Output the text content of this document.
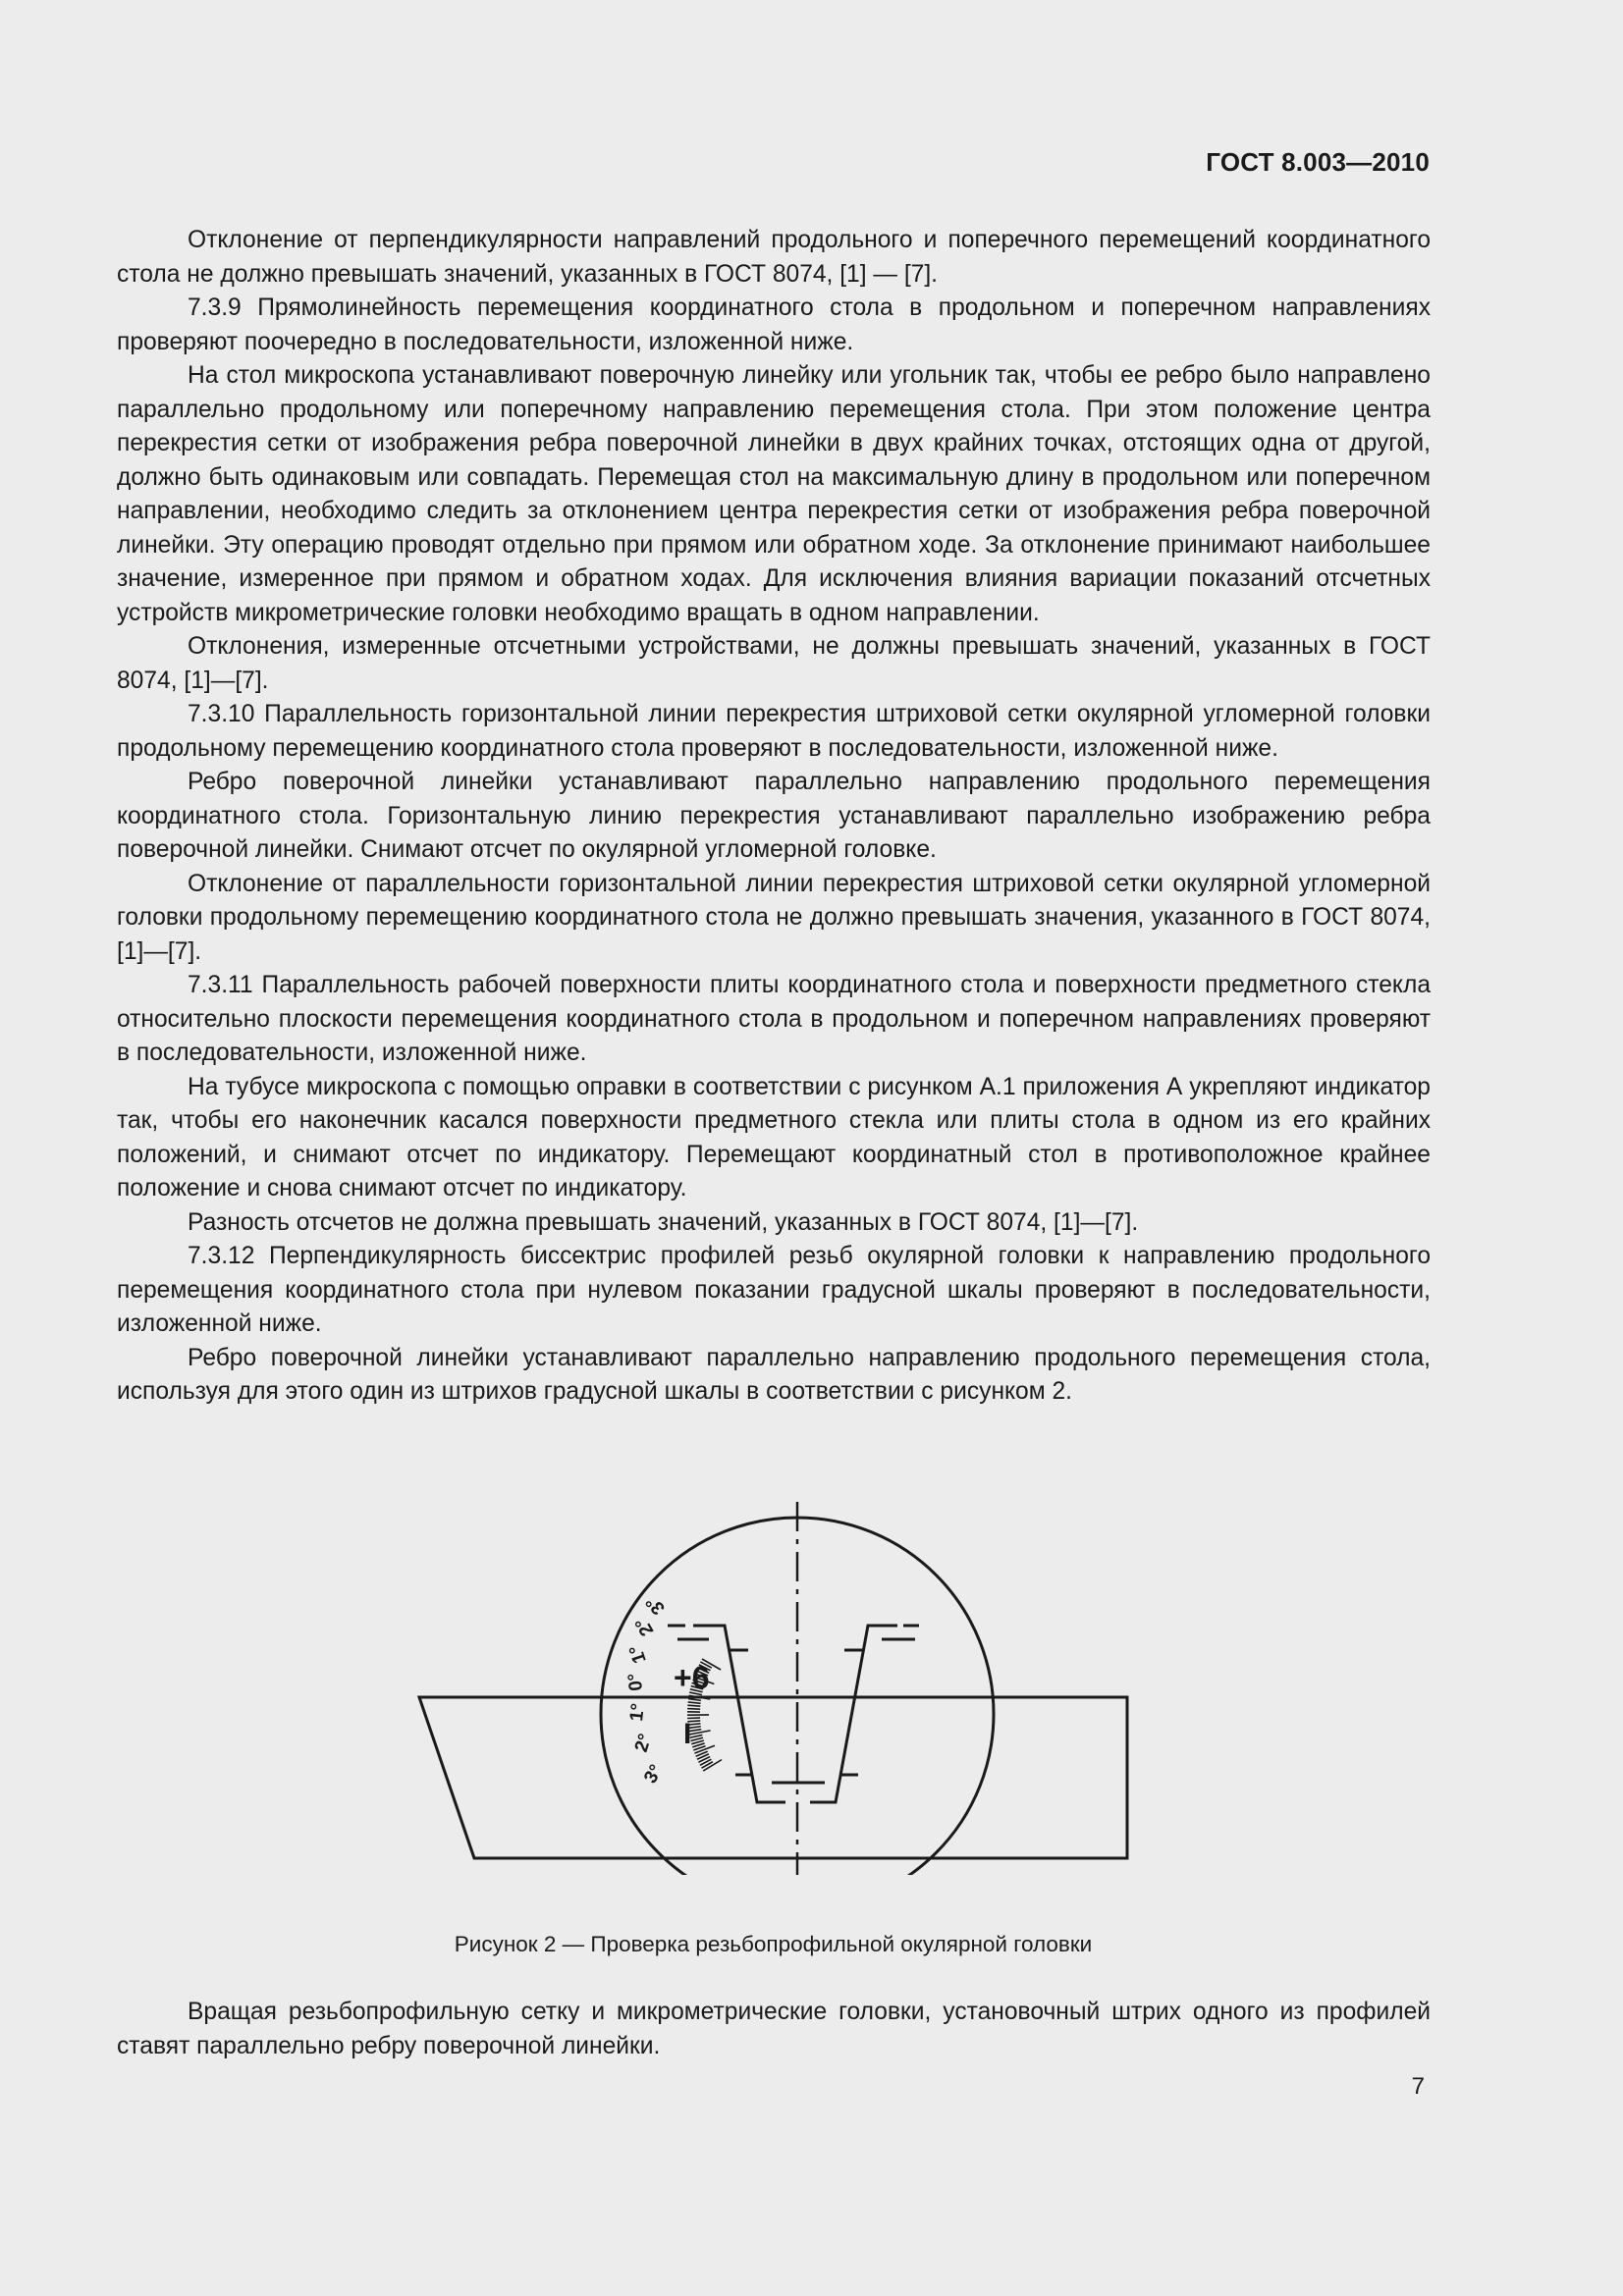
ГОСТ 8.003—2010

Отклонение от перпендикулярности направлений продольного и поперечного перемещений координатного стола не должно превышать значений, указанных в ГОСТ 8074, [1] — [7].

7.3.9 Прямолинейность перемещения координатного стола в продольном и поперечном направлениях проверяют поочередно в последовательности, изложенной ниже.

На стол микроскопа устанавливают поверочную линейку или угольник так, чтобы ее ребро было направлено параллельно продольному или поперечному направлению перемещения стола. При этом положение центра перекрестия сетки от изображения ребра поверочной линейки в двух крайних точках, отстоящих одна от другой, должно быть одинаковым или совпадать. Перемещая стол на максимальную длину в продольном или поперечном направлении, необходимо следить за отклонением центра перекрестия сетки от изображения ребра поверочной линейки. Эту операцию проводят отдельно при прямом или обратном ходе. За отклонение принимают наибольшее значение, измеренное при прямом и обратном ходах. Для исключения влияния вариации показаний отсчетных устройств микрометрические головки необходимо вращать в одном направлении.

Отклонения, измеренные отсчетными устройствами, не должны превышать значений, указанных в ГОСТ 8074, [1]—[7].

7.3.10 Параллельность горизонтальной линии перекрестия штриховой сетки окулярной угломерной головки продольному перемещению координатного стола проверяют в последовательности, изложенной ниже.

Ребро поверочной линейки устанавливают параллельно направлению продольного перемещения координатного стола. Горизонтальную линию перекрестия устанавливают параллельно изображению ребра поверочной линейки. Снимают отсчет по окулярной угломерной головке.

Отклонение от параллельности горизонтальной линии перекрестия штриховой сетки окулярной угломерной головки продольному перемещению координатного стола не должно превышать значения, указанного в ГОСТ 8074, [1]—[7].

7.3.11 Параллельность рабочей поверхности плиты координатного стола и поверхности предметного стекла относительно плоскости перемещения координатного стола в продольном и поперечном направлениях проверяют в последовательности, изложенной ниже.

На тубусе микроскопа с помощью оправки в соответствии с рисунком А.1 приложения А укрепляют индикатор так, чтобы его наконечник касался поверхности предметного стекла или плиты стола в одном из его крайних положений, и снимают отсчет по индикатору. Перемещают координатный стол в противоположное крайнее положение и снова снимают отсчет по индикатору.

Разность отсчетов не должна превышать значений, указанных в ГОСТ 8074, [1]—[7].

7.3.12 Перпендикулярность биссектрис профилей резьб окулярной головки к направлению продольного перемещения координатного стола при нулевом показании градусной шкалы проверяют в последовательности, изложенной ниже.

Ребро поверочной линейки устанавливают параллельно направлению продольного перемещения стола, используя для этого один из штрихов градусной шкалы в соответствии с рисунком 2.

3°
2°
1°
0°
1°
2°
3°
+6
I
Рисунок 2 — Проверка резьбопрофильной окулярной головки

Вращая резьбопрофильную сетку и микрометрические головки, установочный штрих одного из профилей ставят параллельно ребру поверочной линейки.

7
